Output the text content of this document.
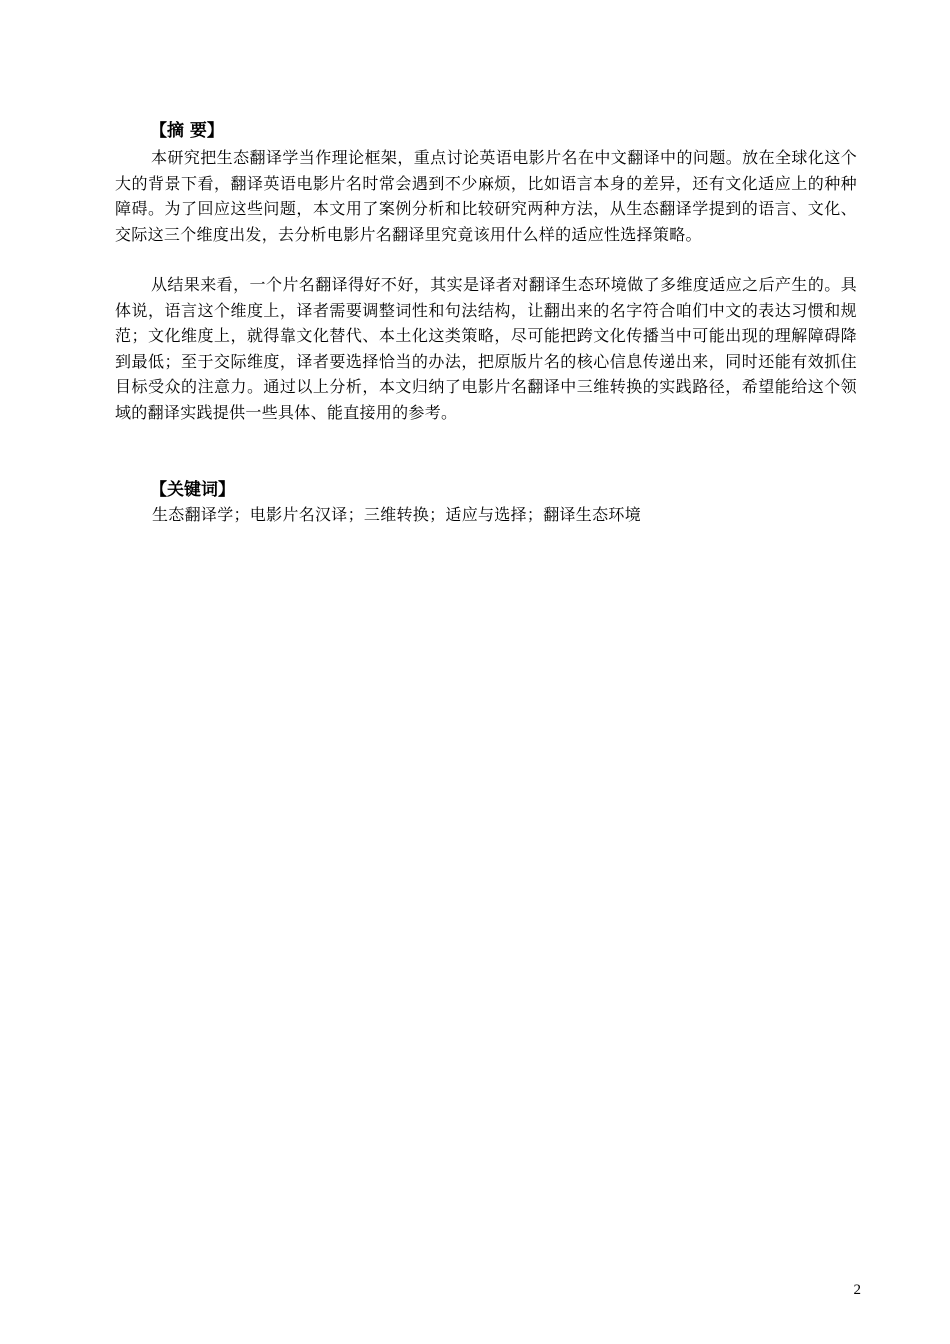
【摘 要】

本研究把生态翻译学当作理论框架，重点讨论英语电影片名在中文翻译中的问题。放在全球化这个大的背景下看，翻译英语电影片名时常会遇到不少麻烦，比如语言本身的差异，还有文化适应上的种种障碍。为了回应这些问题，本文用了案例分析和比较研究两种方法，从生态翻译学提到的语言、文化、交际这三个维度出发，去分析电影片名翻译里究竟该用什么样的适应性选择策略。

从结果来看，一个片名翻译得好不好，其实是译者对翻译生态环境做了多维度适应之后产生的。具体说，语言这个维度上，译者需要调整词性和句法结构，让翻出来的名字符合咱们中文的表达习惯和规范；文化维度上，就得靠文化替代、本土化这类策略，尽可能把跨文化传播当中可能出现的理解障碍降到最低；至于交际维度，译者要选择恰当的办法，把原版片名的核心信息传递出来，同时还能有效抓住目标受众的注意力。通过以上分析，本文归纳了电影片名翻译中三维转换的实践路径，希望能给这个领域的翻译实践提供一些具体、能直接用的参考。

【关键词】
生态翻译学；电影片名汉译；三维转换；适应与选择；翻译生态环境
2
